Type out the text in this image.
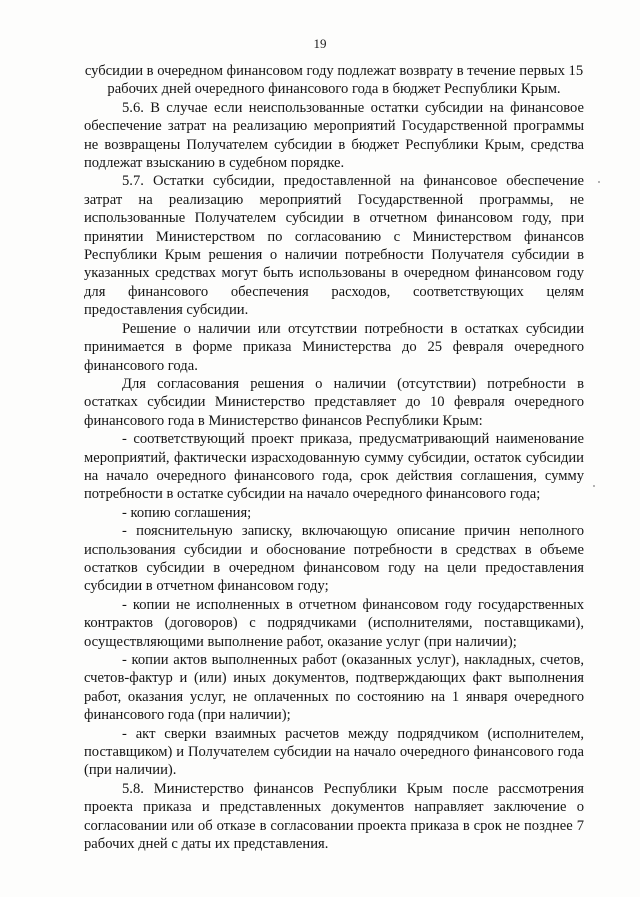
19

субсидии в очередном финансовом году подлежат возврату в течение первых 15 рабочих дней очередного финансового года в бюджет Республики Крым.

5.6. В случае если неиспользованные остатки субсидии на финансовое обеспечение затрат на реализацию мероприятий Государственной программы не возвращены Получателем субсидии в бюджет Республики Крым, средства подлежат взысканию в судебном порядке.

5.7. Остатки субсидии, предоставленной на финансовое обеспечение затрат на реализацию мероприятий Государственной программы, не использованные Получателем субсидии в отчетном финансовом году, при принятии Министерством по согласованию с Министерством финансов Республики Крым решения о наличии потребности Получателя субсидии в указанных средствах могут быть использованы в очередном финансовом году для финансового обеспечения расходов, соответствующих целям предоставления субсидии.

Решение о наличии или отсутствии потребности в остатках субсидии принимается в форме приказа Министерства до 25 февраля очередного финансового года.

Для согласования решения о наличии (отсутствии) потребности в остатках субсидии Министерство представляет до 10 февраля очередного финансового года в Министерство финансов Республики Крым:

- соответствующий проект приказа, предусматривающий наименование мероприятий, фактически израсходованную сумму субсидии, остаток субсидии на начало очередного финансового года, срок действия соглашения, сумму потребности в остатке субсидии на начало очередного финансового года;

- копию соглашения;

- пояснительную записку, включающую описание причин неполного использования субсидии и обоснование потребности в средствах в объеме остатков субсидии в очередном финансовом году на цели предоставления субсидии в отчетном финансовом году;

- копии не исполненных в отчетном финансовом году государственных контрактов (договоров) с подрядчиками (исполнителями, поставщиками), осуществляющими выполнение работ, оказание услуг (при наличии);

- копии актов выполненных работ (оказанных услуг), накладных, счетов, счетов-фактур и (или) иных документов, подтверждающих факт выполнения работ, оказания услуг, не оплаченных по состоянию на 1 января очередного финансового года (при наличии);

- акт сверки взаимных расчетов между подрядчиком (исполнителем, поставщиком) и Получателем субсидии на начало очередного финансового года (при наличии).

5.8. Министерство финансов Республики Крым после рассмотрения проекта приказа и представленных документов направляет заключение о согласовании или об отказе в согласовании проекта приказа в срок не позднее 7 рабочих дней с даты их представления.
